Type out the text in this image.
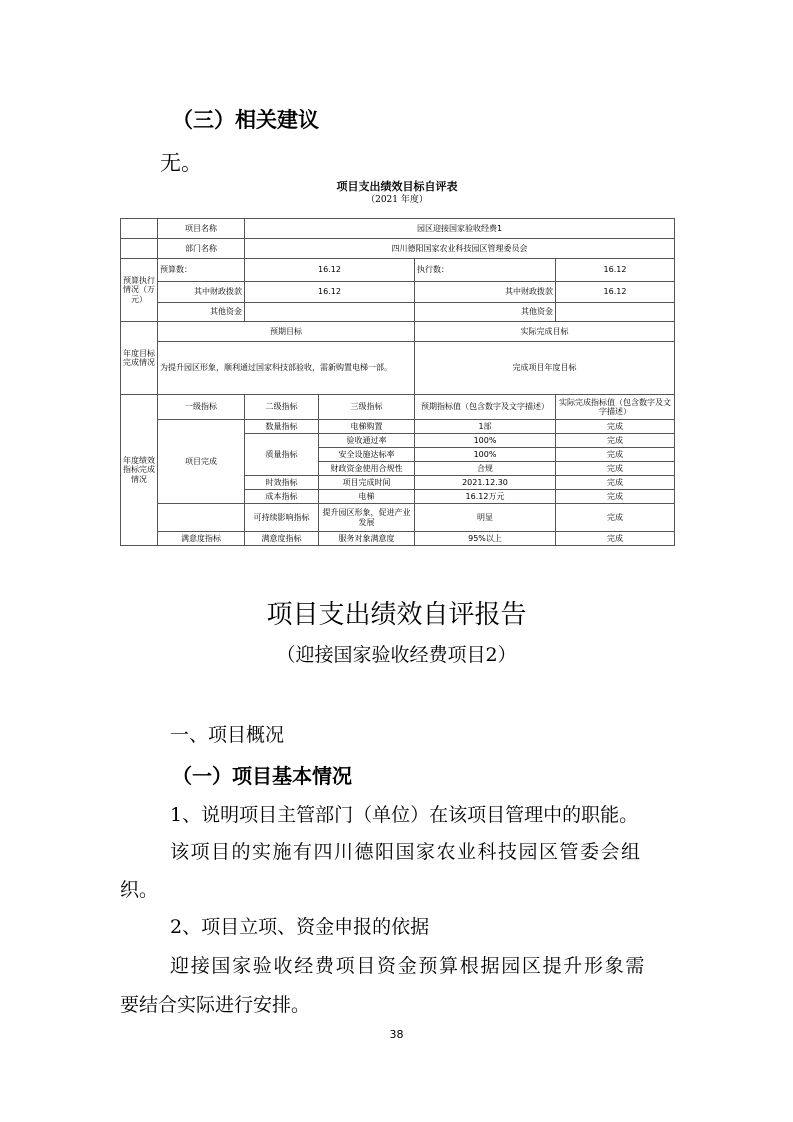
（三）相关建议
无。
项目支出绩效目标自评表
（2021 年度）

	项目名称	园区迎接国家验收经费1			
	部门名称	四川德阳国家农业科技园区管理委员会			
预算执行情况（万元）	预算数：	16.12		执行数：	16.12
	其中财政拨款	16.12		其中财政拨款	16.12
	其他资金			其他资金	
年度目标完成情况	预期目标			实际完成目标	
	为提升园区形象，顺利通过国家科技部验收，需新购置电梯一部。			完成项目年度目标	
年度绩效指标完成情况	一级指标	二级指标	三级指标	预期指标值（包含数字及文字描述）	实际完成指标值（包含数字及文字描述）
	项目完成	数量指标	电梯购置	1部	完成
		质量指标	验收通过率	100%	完成
			安全设施达标率	100%	完成
			财政资金使用合规性	合规	完成
		时效指标	项目完成时间	2021.12.30	完成
		成本指标	电梯	16.12万元	完成
		可持续影响指标	提升园区形象，促进产业发展	明显	完成
	满意度指标	满意度指标	服务对象满意度	95%以上	完成
项目支出绩效自评报告
（迎接国家验收经费项目2）
一、项目概况
（一）项目基本情况
1、说明项目主管部门（单位）在该项目管理中的职能。
该项目的实施有四川德阳国家农业科技园区管委会组
织。
2、项目立项、资金申报的依据
迎接国家验收经费项目资金预算根据园区提升形象需
要结合实际进行安排。
38
